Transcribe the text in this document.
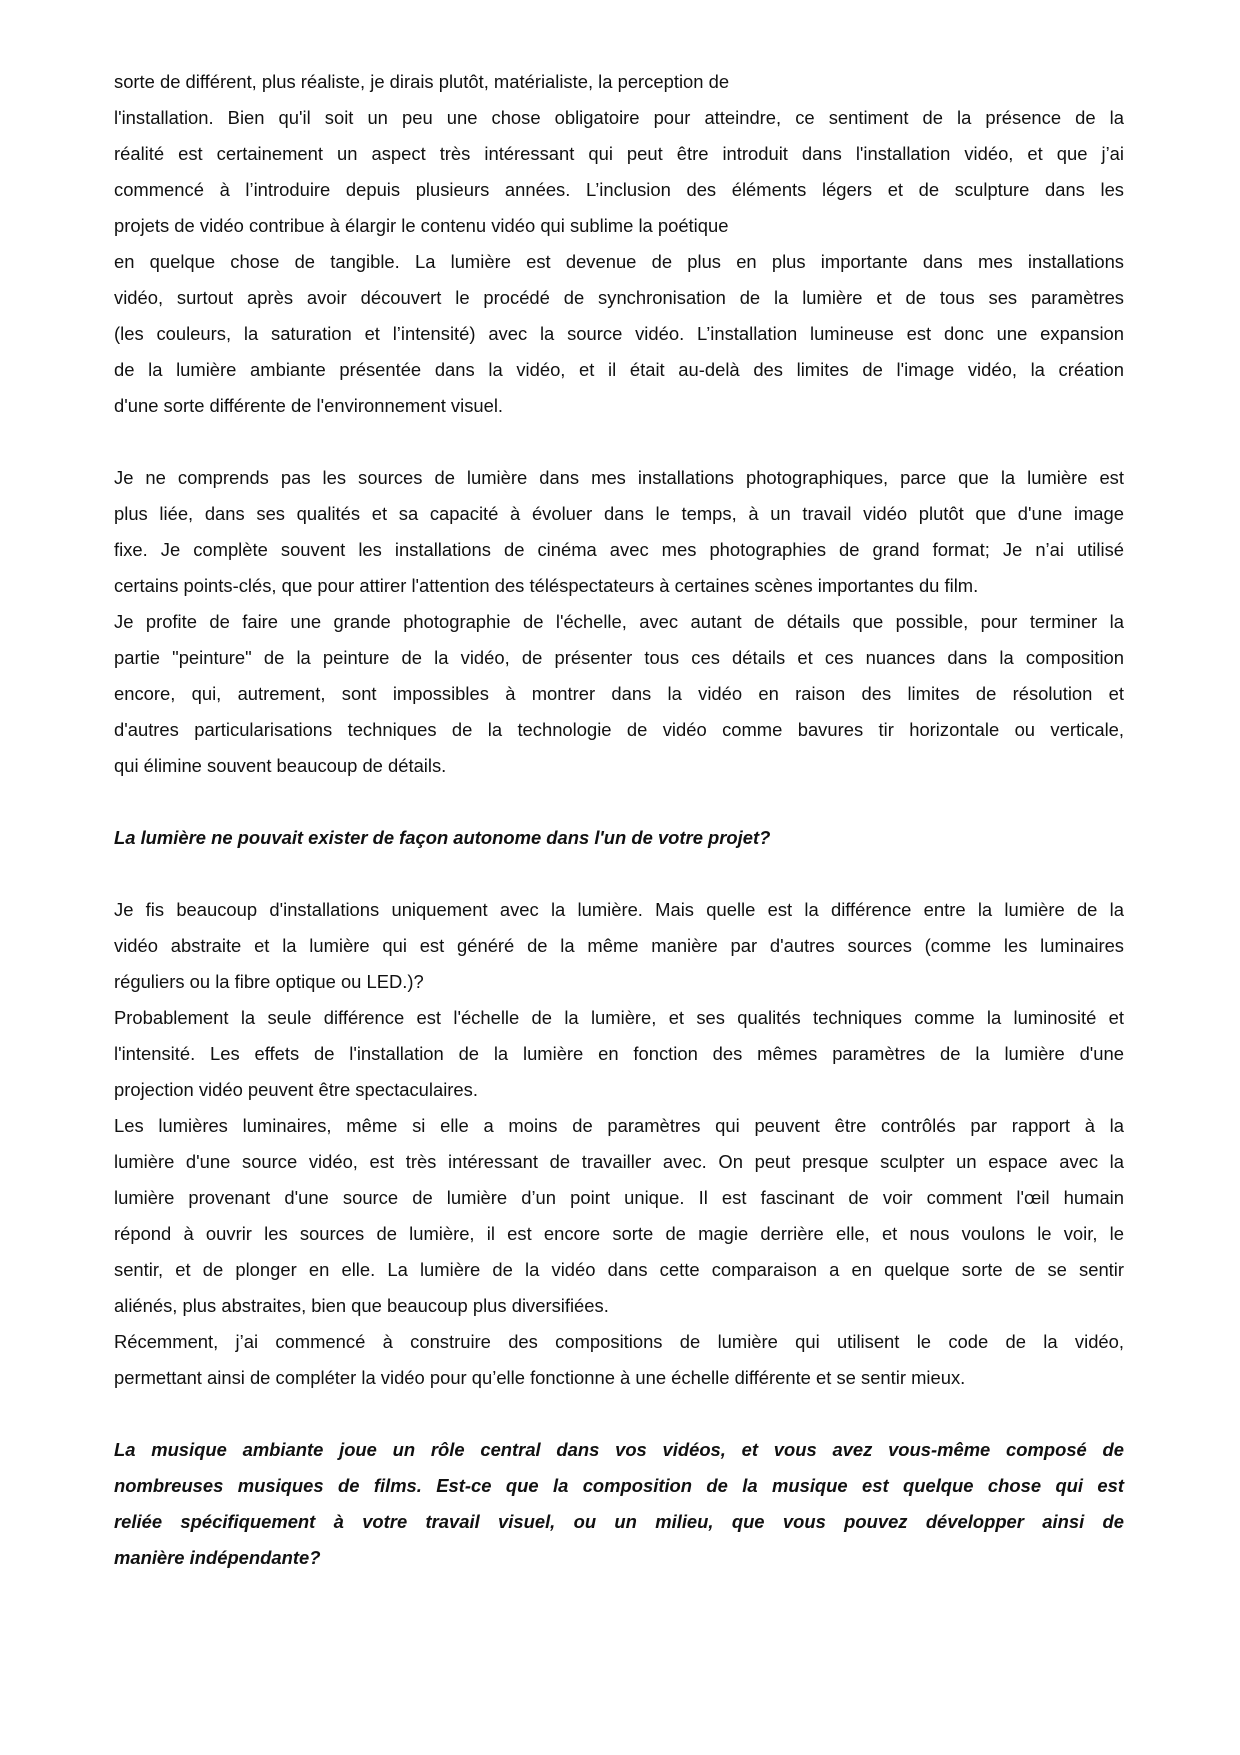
sorte de différent, plus réaliste, je dirais plutôt, matérialiste, la perception de
l'installation. Bien qu'il soit un peu une chose obligatoire pour atteindre, ce sentiment de la présence de la
réalité est certainement un aspect très intéressant qui peut être introduit dans l'installation vidéo, et que j’ai
commencé à l’introduire depuis plusieurs années. L’inclusion des éléments légers et de sculpture dans les
projets de vidéo contribue à élargir le contenu vidéo qui sublime la poétique
en quelque chose de tangible. La lumière est devenue de plus en plus importante dans mes installations
vidéo, surtout après avoir découvert le procédé de synchronisation de la lumière et de tous ses paramètres
(les couleurs, la saturation et l’intensité) avec la source vidéo. L’installation lumineuse est donc une expansion
de la lumière ambiante présentée dans la vidéo, et il était au-delà des limites de l'image vidéo, la création
d'une sorte différente de l'environnement visuel.
Je ne comprends pas les sources de lumière dans mes installations photographiques, parce que la lumière est
plus liée, dans ses qualités et sa capacité à évoluer dans le temps, à un travail vidéo plutôt que d'une image
fixe. Je complète souvent les installations de cinéma avec mes photographies de grand format; Je n’ai utilisé
certains points-clés, que pour attirer l'attention des téléspectateurs à certaines scènes importantes du film.
Je profite de faire une grande photographie de l'échelle, avec autant de détails que possible, pour terminer la
partie "peinture" de la peinture de la vidéo, de présenter tous ces détails et ces nuances dans la composition
encore, qui, autrement, sont impossibles à montrer dans la vidéo en raison des limites de résolution et
d'autres particularisations techniques de la technologie de vidéo comme bavures tir horizontale ou verticale,
qui élimine souvent beaucoup de détails.
La lumière ne pouvait exister de façon autonome dans l'un de votre projet?
Je fis beaucoup d'installations uniquement avec la lumière. Mais quelle est la différence entre la lumière de la
vidéo abstraite et la lumière qui est généré de la même manière par d'autres sources (comme les luminaires
réguliers ou la fibre optique ou LED.)?
Probablement la seule différence est l'échelle de la lumière, et ses qualités techniques comme la luminosité et
l'intensité. Les effets de l'installation de la lumière en fonction des mêmes paramètres de la lumière d'une
projection vidéo peuvent être spectaculaires.
Les lumières luminaires, même si elle a moins de paramètres qui peuvent être contrôlés par rapport à la
lumière d'une source vidéo, est très intéressant de travailler avec. On peut presque sculpter un espace avec la
lumière provenant d'une source de lumière d’un point unique. Il est fascinant de voir comment l'œil humain
répond à ouvrir les sources de lumière, il est encore sorte de magie derrière elle, et nous voulons le voir, le
sentir, et de plonger en elle. La lumière de la vidéo dans cette comparaison a en quelque sorte de se sentir
aliénés, plus abstraites, bien que beaucoup plus diversifiées.
Récemment, j’ai commencé à construire des compositions de lumière qui utilisent le code de la vidéo,
permettant ainsi de compléter la vidéo pour qu’elle fonctionne à une échelle différente et se sentir mieux.
La musique ambiante joue un rôle central dans vos vidéos, et vous avez vous-même composé de
nombreuses musiques de films. Est-ce que la composition de la musique est quelque chose qui est
reliée spécifiquement à votre travail visuel, ou un milieu, que vous pouvez développer ainsi de
manière indépendante?
